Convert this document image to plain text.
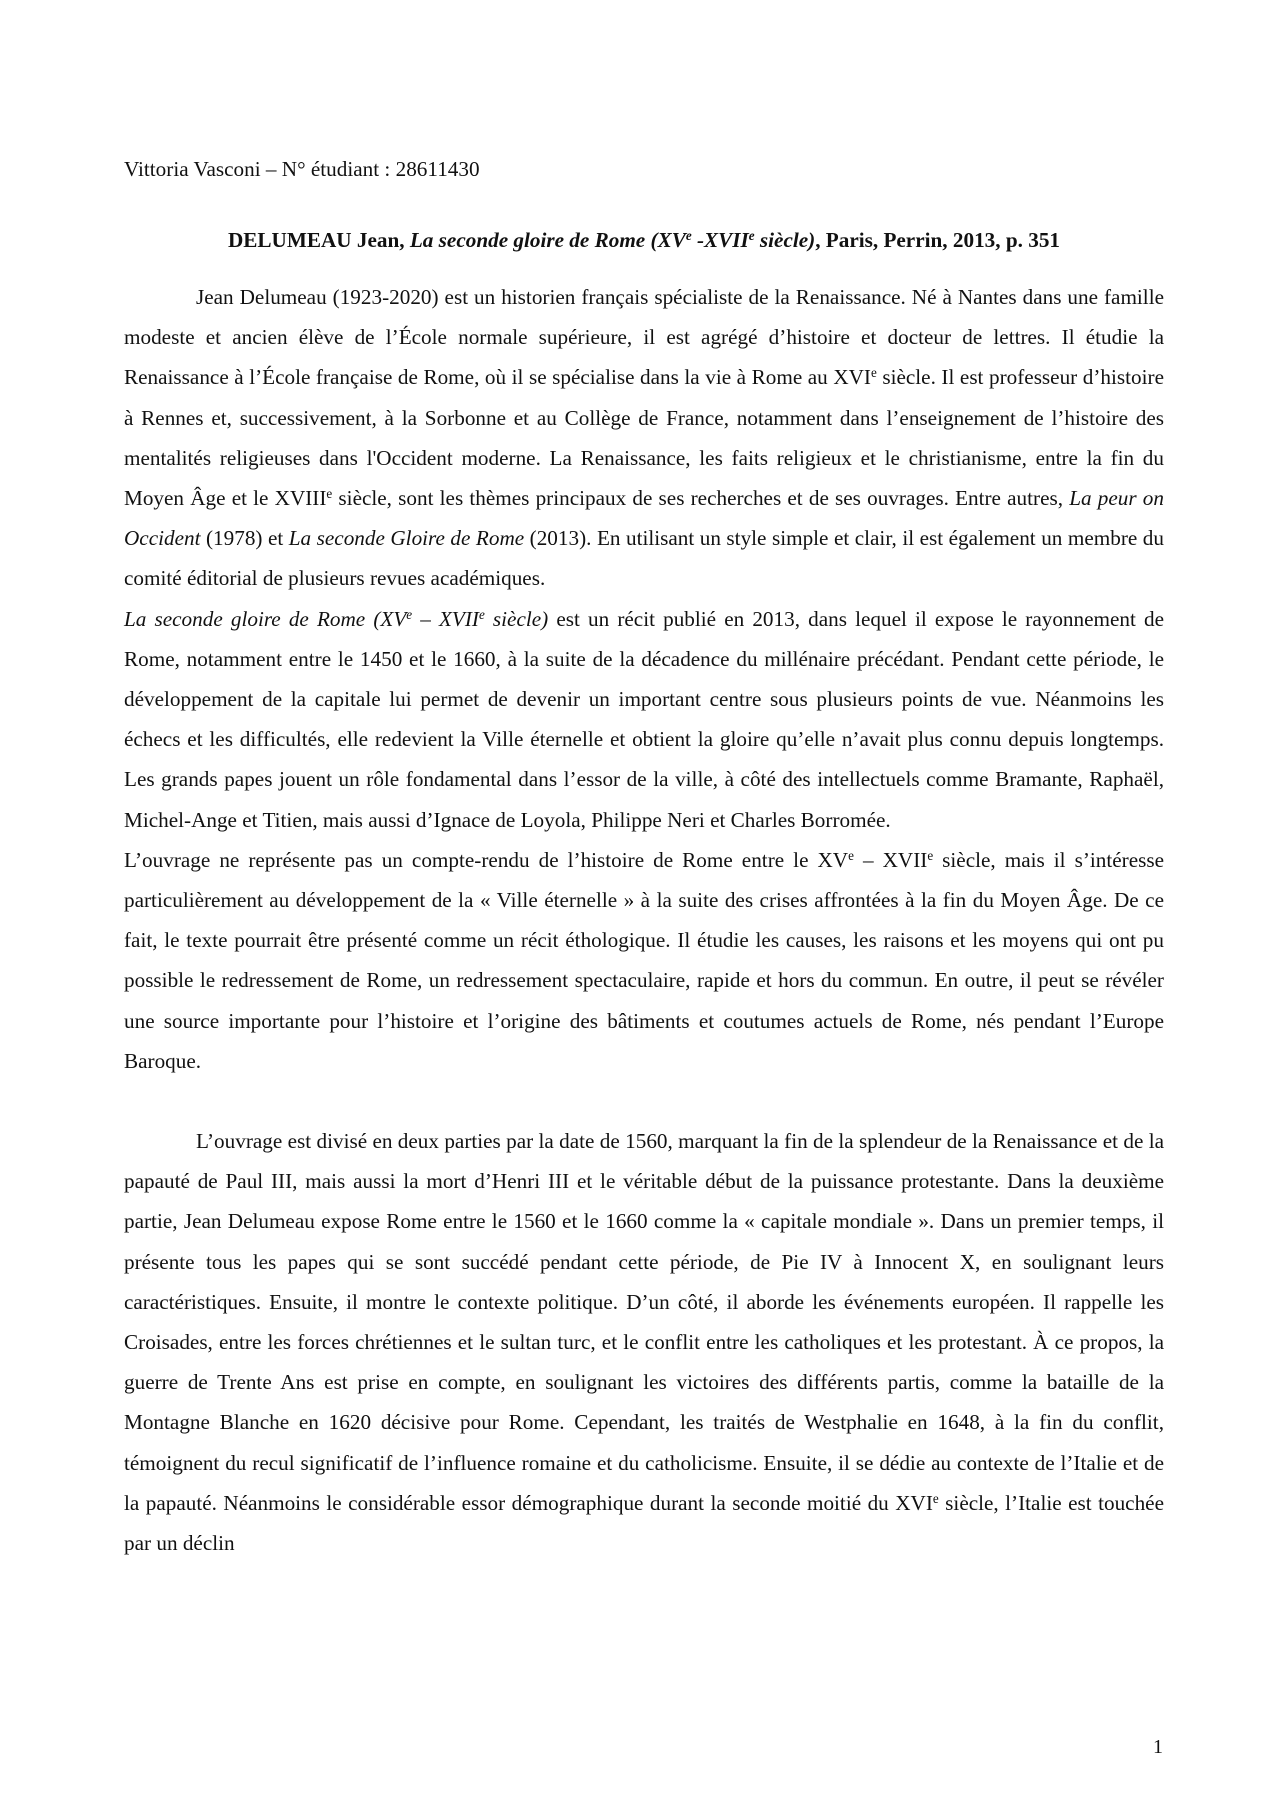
Vittoria Vasconi – N° étudiant : 28611430
DELUMEAU Jean, La seconde gloire de Rome (XVe -XVIIe siècle), Paris, Perrin, 2013, p. 351

Jean Delumeau (1923-2020) est un historien français spécialiste de la Renaissance. Né à Nantes dans une famille modeste et ancien élève de l’École normale supérieure, il est agrégé d’histoire et docteur de lettres. Il étudie la Renaissance à l’École française de Rome, où il se spécialise dans la vie à Rome au XVIe siècle. Il est professeur d’histoire à Rennes et, successivement, à la Sorbonne et au Collège de France, notamment dans l’enseignement de l’histoire des mentalités religieuses dans l'Occident moderne. La Renaissance, les faits religieux et le christianisme, entre la fin du Moyen Âge et le XVIIIe siècle, sont les thèmes principaux de ses recherches et de ses ouvrages. Entre autres, La peur on Occident (1978) et La seconde Gloire de Rome (2013). En utilisant un style simple et clair, il est également un membre du comité éditorial de plusieurs revues académiques.

La seconde gloire de Rome (XVe – XVIIe siècle) est un récit publié en 2013, dans lequel il expose le rayonnement de Rome, notamment entre le 1450 et le 1660, à la suite de la décadence du millénaire précédant. Pendant cette période, le développement de la capitale lui permet de devenir un important centre sous plusieurs points de vue. Néanmoins les échecs et les difficultés, elle redevient la Ville éternelle et obtient la gloire qu’elle n’avait plus connu depuis longtemps. Les grands papes jouent un rôle fondamental dans l’essor de la ville, à côté des intellectuels comme Bramante, Raphaël, Michel-Ange et Titien, mais aussi d’Ignace de Loyola, Philippe Neri et Charles Borromée.

L’ouvrage ne représente pas un compte-rendu de l’histoire de Rome entre le XVe – XVIIe siècle, mais il s’intéresse particulièrement au développement de la « Ville éternelle » à la suite des crises affrontées à la fin du Moyen Âge. De ce fait, le texte pourrait être présenté comme un récit éthologique. Il étudie les causes, les raisons et les moyens qui ont pu possible le redressement de Rome, un redressement spectaculaire, rapide et hors du commun. En outre, il peut se révéler une source importante pour l’histoire et l’origine des bâtiments et coutumes actuels de Rome, nés pendant l’Europe Baroque.

L’ouvrage est divisé en deux parties par la date de 1560, marquant la fin de la splendeur de la Renaissance et de la papauté de Paul III, mais aussi la mort d’Henri III et le véritable début de la puissance protestante. Dans la deuxième partie, Jean Delumeau expose Rome entre le 1560 et le 1660 comme la « capitale mondiale ». Dans un premier temps, il présente tous les papes qui se sont succédé pendant cette période, de Pie IV à Innocent X, en soulignant leurs caractéristiques. Ensuite, il montre le contexte politique. D’un côté, il aborde les événements européen. Il rappelle les Croisades, entre les forces chrétiennes et le sultan turc, et le conflit entre les catholiques et les protestant. À ce propos, la guerre de Trente Ans est prise en compte, en soulignant les victoires des différents partis, comme la bataille de la Montagne Blanche en 1620 décisive pour Rome. Cependant, les traités de Westphalie en 1648, à la fin du conflit, témoignent du recul significatif de l’influence romaine et du catholicisme. Ensuite, il se dédie au contexte de l’Italie et de la papauté. Néanmoins le considérable essor démographique durant la seconde moitié du XVIe siècle, l’Italie est touchée par un déclin

1
